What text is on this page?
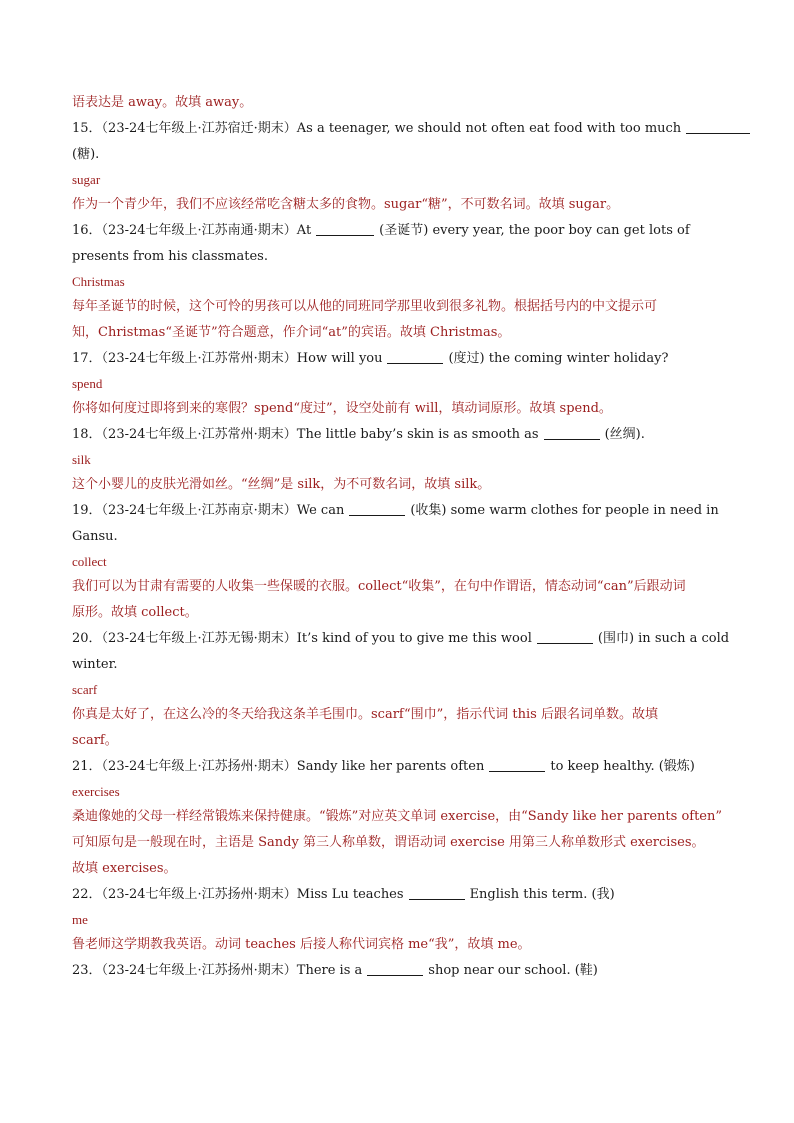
语表达是 away。故填 away。
15．（23-24七年级上·江苏宿迁·期末）As a teenager, we should not often eat food with too much
(糖).
sugar
作为一个青少年，我们不应该经常吃含糖太多的食物。sugar“糖”，不可数名词。故填 sugar。
16．（23-24七年级上·江苏南通·期末）At	(圣诞节) every year, the poor boy can get lots of
presents from his classmates.
Christmas
每年圣诞节的时候，这个可怜的男孩可以从他的同班同学那里收到很多礼物。根据括号内的中文提示可
知，Christmas“圣诞节”符合题意，作介词“at”的宾语。故填 Christmas。
17．（23-24七年级上·江苏常州·期末）How will you	(度过) the coming winter holiday?
spend
你将如何度过即将到来的寒假？spend“度过”，设空处前有 will，填动词原形。故填 spend。
18．（23-24七年级上·江苏常州·期末）The little baby’s skin is as smooth as	(丝绸).
silk
这个小婴儿的皮肤光滑如丝。“丝绸”是 silk，为不可数名词，故填 silk。
19．（23-24七年级上·江苏南京·期末）We can	(收集) some warm clothes for people in need in
Gansu.
collect
我们可以为甘肃有需要的人收集一些保暖的衣服。collect“收集”，在句中作谓语，情态动词“can”后跟动词
原形。故填 collect。
20．（23-24七年级上·江苏无锡·期末）It’s kind of you to give me this wool	(围巾) in such a cold
winter.
scarf
你真是太好了，在这么冷的冬天给我这条羊毛围巾。scarf“围巾”，指示代词 this 后跟名词单数。故填
scarf。
21．（23-24七年级上·江苏扬州·期末）Sandy like her parents often	to keep healthy. (锻炼)
exercises
桑迪像她的父母一样经常锻炼来保持健康。“锻炼”对应英文单词 exercise，由“Sandy like her parents often”
可知原句是一般现在时，主语是 Sandy 第三人称单数，谓语动词 exercise 用第三人称单数形式 exercises。
故填 exercises。
22．（23-24七年级上·江苏扬州·期末）Miss Lu teaches	English this term. (我)
me
鲁老师这学期教我英语。动词 teaches 后接人称代词宾格 me“我”，故填 me。
23．（23-24七年级上·江苏扬州·期末）There is a	shop near our school. (鞋)
